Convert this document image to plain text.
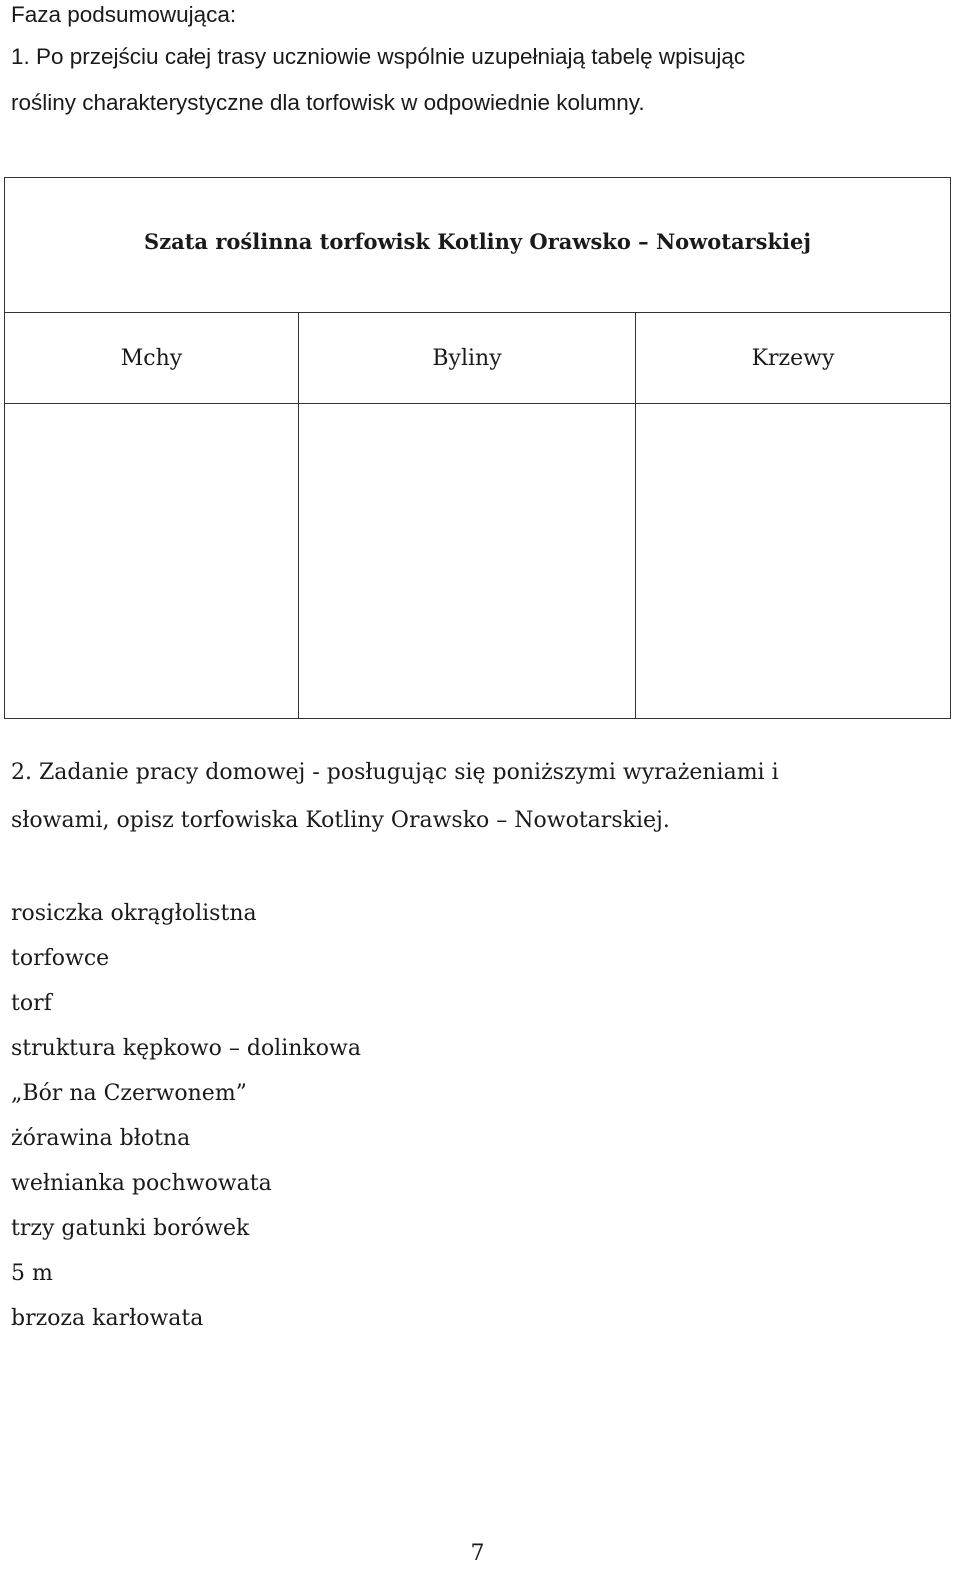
Faza podsumowująca:
1. Po przejściu całej trasy uczniowie wspólnie uzupełniają tabelę wpisując
rośliny charakterystyczne dla torfowisk w odpowiednie kolumny.
Szata roślinna torfowisk Kotliny Orawsko – Nowotarskiej
Mchy	Byliny	Krzewy
2. Zadanie pracy domowej - posługując się poniższymi wyrażeniami i
słowami, opisz torfowiska Kotliny Orawsko – Nowotarskiej.
rosiczka okrągłolistna
torfowce
torf
struktura kępkowo – dolinkowa
„Bór na Czerwonem”
żórawina błotna
wełnianka pochwowata
trzy gatunki borówek
5 m
brzoza karłowata
7
